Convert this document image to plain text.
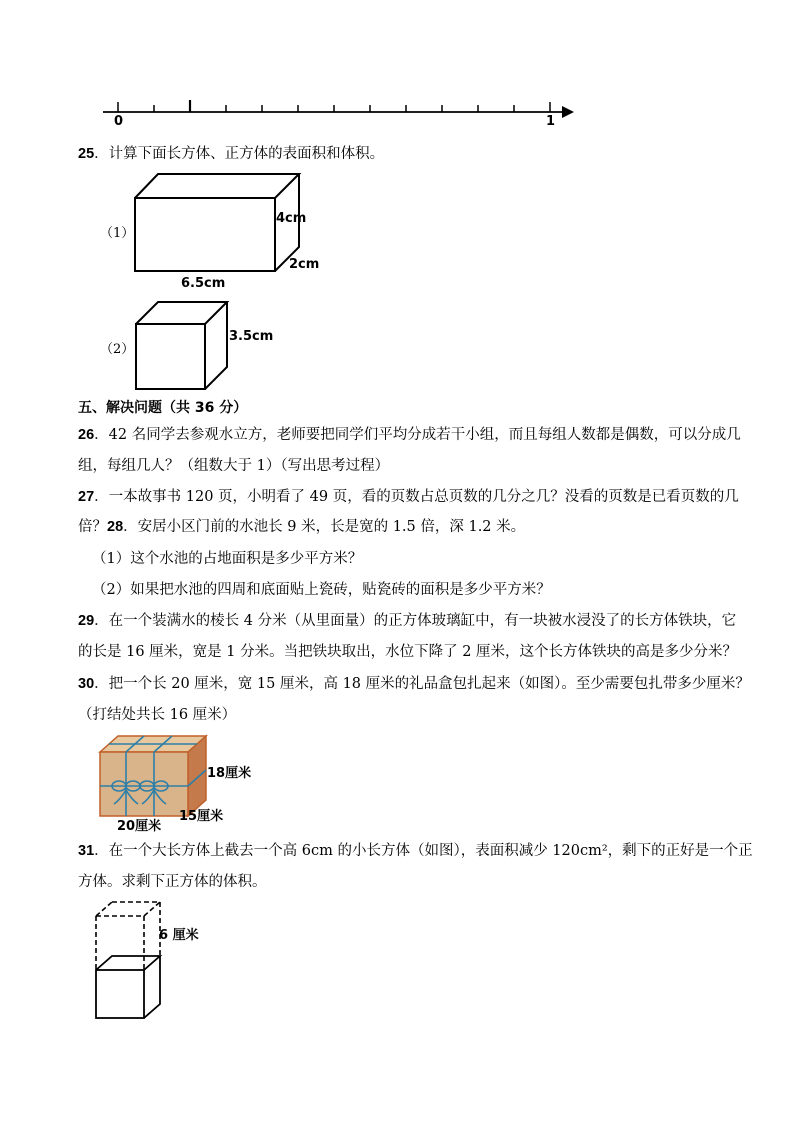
0	1
25．计算下面长方体、正方体的表面积和体积。
（1）
4cm
2cm
6.5cm
（2）
3.5cm
五、解决问题（共 36 分）
26．42 名同学去参观水立方，老师要把同学们平均分成若干小组，而且每组人数都是偶数，可以分成几
组，每组几人？（组数大于 1）（写出思考过程）
27．一本故事书 120 页，小明看了 49 页，看的页数占总页数的几分之几？没看的页数是已看页数的几
倍？28．安居小区门前的水池长 9 米，长是宽的 1.5 倍，深 1.2 米。
（1）这个水池的占地面积是多少平方米？
（2）如果把水池的四周和底面贴上瓷砖，贴瓷砖的面积是多少平方米？
29．在一个装满水的棱长 4 分米（从里面量）的正方体玻璃缸中，有一块被水浸没了的长方体铁块，它
的长是 16 厘米，宽是 1 分米。当把铁块取出，水位下降了 2 厘米，这个长方体铁块的高是多少分米？
30．把一个长 20 厘米，宽 15 厘米，高 18 厘米的礼品盒包扎起来（如图）。至少需要包扎带多少厘米？
（打结处共长 16 厘米）
18厘米
15厘米
20厘米
31．在一个大长方体上截去一个高 6cm 的小长方体（如图），表面积减少 120cm²，剩下的正好是一个正
方体。求剩下正方体的体积。
6 厘米
